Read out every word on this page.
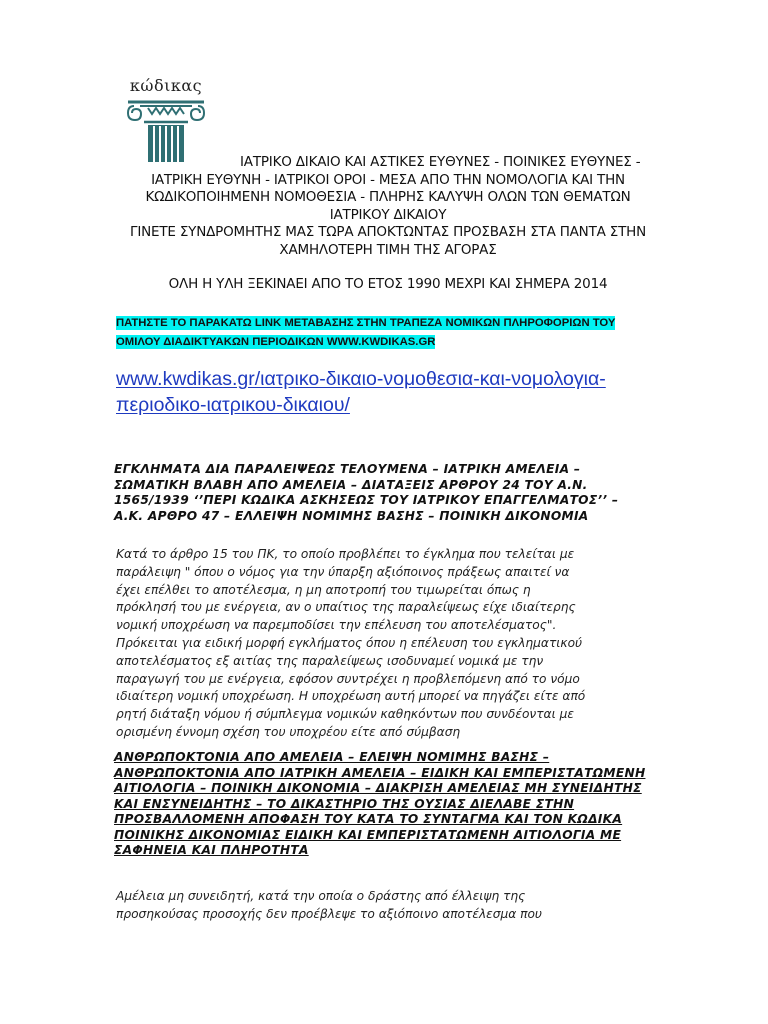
κώδικας

ΙΑΤΡΙΚΟ ΔΙΚΑΙΟ ΚΑΙ ΑΣΤΙΚΕΣ ΕΥΘΥΝΕΣ - ΠΟΙΝΙΚΕΣ ΕΥΘΥΝΕΣ -

ΙΑΤΡΙΚΗ ΕΥΘΥΝΗ - ΙΑΤΡΙΚΟΙ ΟΡΟΙ - ΜΕΣΑ ΑΠΟ ΤΗΝ ΝΟΜΟΛΟΓΙΑ ΚΑΙ ΤΗΝ

ΚΩΔΙΚΟΠΟΙΗΜΕΝΗ ΝΟΜΟΘΕΣΙΑ - ΠΛΗΡΗΣ ΚΑΛΥΨΗ ΟΛΩΝ ΤΩΝ ΘΕΜΑΤΩΝ

ΙΑΤΡΙΚΟΥ ΔΙΚΑΙΟΥ

ΓΙΝΕΤΕ ΣΥΝΔΡΟΜΗΤΗΣ ΜΑΣ ΤΩΡΑ ΑΠΟΚΤΩΝΤΑΣ ΠΡΟΣΒΑΣΗ ΣΤΑ ΠΑΝΤΑ ΣΤΗΝ

ΧΑΜΗΛΟΤΕΡΗ ΤΙΜΗ ΤΗΣ ΑΓΟΡΑΣ

ΟΛΗ Η ΥΛΗ ΞΕΚΙΝΑΕΙ ΑΠΟ ΤΟ ΕΤΟΣ 1990 ΜΕΧΡΙ ΚΑΙ ΣΗΜΕΡΑ 2014

ΠΑΤΗΣΤΕ ΤΟ ΠΑΡΑΚΑΤΩ LINK ΜΕΤΑΒΑΣΗΣ ΣΤΗΝ ΤΡΑΠΕΖΑ ΝΟΜΙΚΩΝ ΠΛΗΡΟΦΟΡΙΩΝ ΤΟΥ
ΟΜΙΛΟΥ ΔΙΑΔΙΚΤΥΑΚΩΝ ΠΕΡΙΟΔΙΚΩΝ WWW.KWDIKAS.GR
www.kwdikas.gr/ιατρικο-δικαιο-νομοθεσια-και-νομολογια-
περιοδικο-ιατρικου-δικαιου/
ΕΓΚΛΗΜΑΤΑ ΔΙΑ ΠΑΡΑΛΕΙΨΕΩΣ ΤΕΛΟΥΜΕΝΑ – ΙΑΤΡΙΚΗ ΑΜΕΛΕΙΑ –
ΣΩΜΑΤΙΚΗ ΒΛΑΒΗ ΑΠΟ ΑΜΕΛΕΙΑ – ΔΙΑΤΑΞΕΙΣ ΑΡΘΡΟΥ 24 ΤΟΥ Α.Ν.
1565/1939 ‘’ΠΕΡΙ ΚΩΔΙΚΑ ΑΣΚΗΣΕΩΣ ΤΟΥ ΙΑΤΡΙΚΟΥ ΕΠΑΓΓΕΛΜΑΤΟΣ’’ –
Α.Κ. ΑΡΘΡΟ 47 – ΕΛΛΕΙΨΗ ΝΟΜΙΜΗΣ ΒΑΣΗΣ – ΠΟΙΝΙΚΗ ΔΙΚΟΝΟΜΙΑ
Κατά το άρθρο 15 του ΠΚ, το οποίο προβλέπει το έγκλημα που τελείται με
παράλειψη " όπου ο νόμος για την ύπαρξη αξιόποινος πράξεως απαιτεί να
έχει επέλθει το αποτέλεσμα, η μη αποτροπή του τιμωρείται όπως η
πρόκλησή του με ενέργεια, αν ο υπαίτιος της παραλείψεως είχε ιδιαίτερης
νομική υποχρέωση να παρεμποδίσει την επέλευση του αποτελέσματος".
Πρόκειται για ειδική μορφή εγκλήματος όπου η επέλευση του εγκληματικού
αποτελέσματος εξ αιτίας της παραλείψεως ισοδυναμεί νομικά με την
παραγωγή του με ενέργεια, εφόσον συντρέχει η προβλεπόμενη από το νόμο
ιδιαίτερη νομική υποχρέωση. Η υποχρέωση αυτή μπορεί να πηγάζει είτε από
ρητή διάταξη νόμου ή σύμπλεγμα νομικών καθηκόντων που συνδέονται με
ορισμένη έννομη σχέση του υποχρέου είτε από σύμβαση
ΑΝΘΡΩΠΟΚΤΟΝΙΑ ΑΠΟ ΑΜΕΛΕΙΑ – ΕΛΕΙΨΗ ΝΟΜΙΜΗΣ ΒΑΣΗΣ –
ΑΝΘΡΩΠΟΚΤΟΝΙΑ ΑΠΟ ΙΑΤΡΙΚΗ ΑΜΕΛΕΙΑ – ΕΙΔΙΚΗ ΚΑΙ ΕΜΠΕΡΙΣΤΑΤΩΜΕΝΗ
ΑΙΤΙΟΛΟΓΙΑ – ΠΟΙΝΙΚΗ ΔΙΚΟΝΟΜΙΑ – ΔΙΑΚΡΙΣΗ ΑΜΕΛΕΙΑΣ ΜΗ ΣΥΝΕΙΔΗΤΗΣ
ΚΑΙ ΕΝΣΥΝΕΙΔΗΤΗΣ – ΤΟ ΔΙΚΑΣΤΗΡΙΟ ΤΗΣ ΟΥΣΙΑΣ ΔΙΕΛΑΒΕ ΣΤΗΝ
ΠΡΟΣΒΑΛΛΟΜΕΝΗ ΑΠΟΦΑΣΗ ΤΟΥ ΚΑΤΑ ΤΟ ΣΥΝΤΑΓΜΑ ΚΑΙ ΤΟΝ ΚΩΔΙΚΑ
ΠΟΙΝΙΚΗΣ ΔΙΚΟΝΟΜΙΑΣ ΕΙΔΙΚΗ ΚΑΙ ΕΜΠΕΡΙΣΤΑΤΩΜΕΝΗ ΑΙΤΙΟΛΟΓΙΑ ΜΕ
ΣΑΦΗΝΕΙΑ ΚΑΙ ΠΛΗΡΟΤΗΤΑ
Αμέλεια μη συνειδητή, κατά την οποία ο δράστης από έλλειψη της
προσηκούσας προσοχής δεν προέβλεψε το αξιόποινο αποτέλεσμα που
